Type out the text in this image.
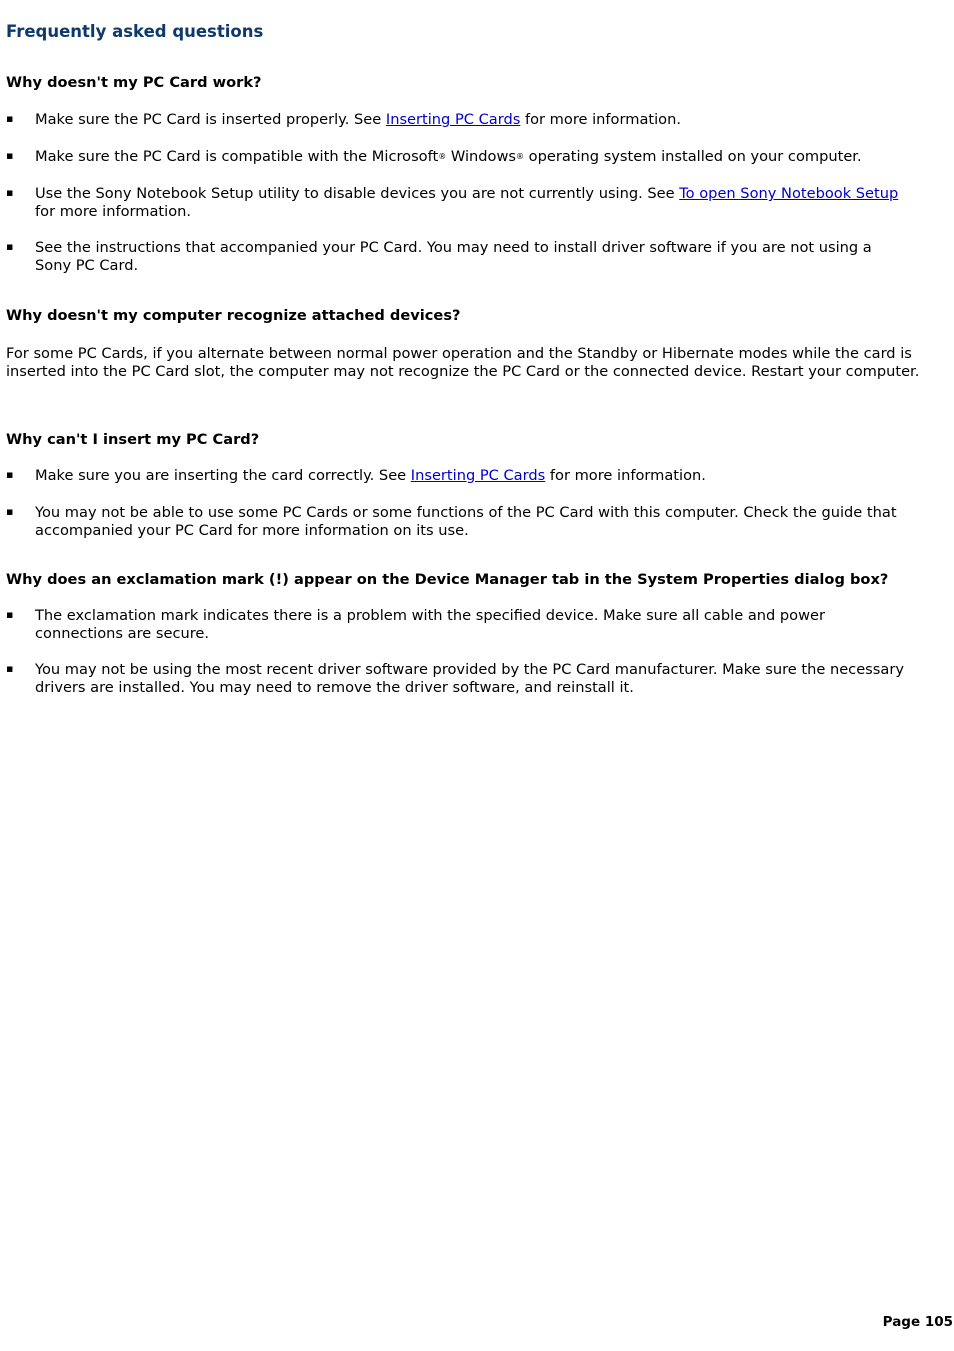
Frequently asked questions
Why doesn't my PC Card work?
▪ Make sure the PC Card is inserted properly. See Inserting PC Cards for more information.
▪ Make sure the PC Card is compatible with the Microsoft® Windows® operating system installed on your computer.
▪ Use the Sony Notebook Setup utility to disable devices you are not currently using. See To open Sony Notebook Setup for more information.
▪ See the instructions that accompanied your PC Card. You may need to install driver software if you are not using a Sony PC Card.
Why doesn't my computer recognize attached devices?

For some PC Cards, if you alternate between normal power operation and the Standby or Hibernate modes while the card is inserted into the PC Card slot, the computer may not recognize the PC Card or the connected device. Restart your computer.

Why can't I insert my PC Card?
▪ Make sure you are inserting the card correctly. See Inserting PC Cards for more information.
▪ You may not be able to use some PC Cards or some functions of the PC Card with this computer. Check the guide that accompanied your PC Card for more information on its use.
Why does an exclamation mark (!) appear on the Device Manager tab in the System Properties dialog box?
▪ The exclamation mark indicates there is a problem with the specified device. Make sure all cable and power connections are secure.
▪ You may not be using the most recent driver software provided by the PC Card manufacturer. Make sure the necessary drivers are installed. You may need to remove the driver software, and reinstall it.
Page 105
